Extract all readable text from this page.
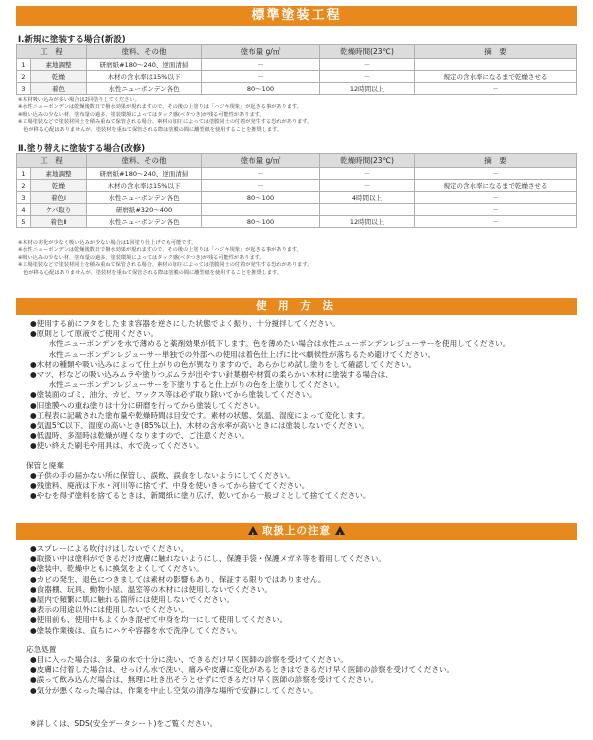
標準塗装工程
Ⅰ.新規に塗装する場合(新設)
工　程		塗料、その他	塗布量 g/㎡	乾燥時間(23℃)	摘　要
1	素地調整	研磨紙#180～240、逆面清掃	－	－	
2	乾燥	木材の含水率は15%以下	－	－	規定の含水率になるまで乾燥させる
3	着色	水性ニューボンデン各色	80～100	12時間以上	－
※木材吸い込みが多い場合は2回塗りしてください。
※水性ニューボンデンは乾燥後数日で撥水効果が現れますので、その後の上塗りは「ハジキ現象」が起きる事があります。
※吸い込みの少ない材、塗布量の過多、塗装環境によってはタック感(ベタつき)が残る可能性があります。
※工場塗装などで塗装材同士を積み重ねて保管される場合、素材の加圧によっては塗膜同士の付着が発生する恐れがあります。
　色が移る心配はありませんが、塗装材を重ねて保管される際は塗膜の間に離型紙を使用することを推奨します。
Ⅱ.塗り替えに塗装する場合(改修)
工　程		塗料、その他	塗布量 g/㎡	乾燥時間(23℃)	摘　要
1	素地調整	研磨紙#180～240、逆面清掃	－	－	－
2	乾燥	木材の含水率は15%以下	－	－	規定の含水率になるまで乾燥させる
3	着色Ⅰ	水性ニューボンデン各色	80～100	4時間以上	－
4	ケバ取り	研磨紙#320～400			－
5	着色Ⅱ	水性ニューボンデン各色	80～100	12時間以上	－
※木材の劣化が少なく吸い込みが少ない場合は1回塗り仕上げでも可能です。
※水性ニューボンデンは乾燥後数日で撥水効果が現れますので、その後の上塗りは「ハジキ現象」が起きる事があります。
※吸い込みの少ない材、塗布量の過多、塗装環境によってはタック感(ベタつき)が残る可能性があります。
※工場塗装などで塗装材同士を積み重ねて保管される場合、素材の加圧によっては塗膜同士の付着が発生する恐れがあります。
　色が移る心配はありませんが、塗装材を重ねて保管される際は塗膜の間に離型紙を使用することを推奨します。
使 用 方 法
●使用する前にフタをしたまま容器を逆さにした状態でよく振り、十分撹拌してください。
●原則として原液でご使用ください。
　水性ニューボンデンを水で薄めると薬剤効果が低下します。色を薄めたい場合は水性ニューボンデンレジューサーを使用してください。
　水性ニューボンデンレジューサー単独での外部への使用は着色仕上げに比べ劇侯性が落ちるため避けてください。
●木材の種類や吸い込みによって仕上がりの色が異なりますので、あらかじめ試し塗りをして確認してください。
●マツ、杉などの吸い込みムラや塗りつぶムラが出やすい針葉樹や材質の柔らかい木材に塗装する場合は、
　水性ニューボンデンレジューサーを下塗りすると仕上がりの色を上塗りしてください。
●塗装面のゴミ、油分、カビ、ワックス等は必ず取り除いてから塗装してください。
●旧塗膜への重ね塗りは十分に研磨を行ってから塗装してください。
●工程表に記載された塗布量や乾燥時間は目安です。素材の状態、気温、湿度によって変化します。
●気温5℃以下、湿度の高いとき(85%以上)、木材の含水率が高いときには塗装しないでください。
●低温時、多湿時は乾燥が遅くなりますので、ご注意ください。
●使い終えた刷毛や用具は、水で洗ってください。
保管と廃棄
●子供の手の届かない所に保管し、誤飲、誤食をしないようにしてください。
●残塗料、廃液は下水・河川等に捨てず、中身を使いきってから捨ててください。
●やむを得ず塗料を捨てるときは、新聞紙に塗り広げ、乾いてから一般ゴミとして捨ててください。
!取扱上の注意!
●スプレーによる吹付けはしないでください。
●取扱い中は塗料ができるだけ皮膚に触れないようにし、保護手袋・保護メガネ等を着用してください。
●塗装中、乾燥中ともに換気をよくしてください。
●カビの発生、退色につきましては素材の影響もあり、保証する限りではありません。
●食器棚、玩具、動物小屋、温室等の木材には使用しないでください。
●屋内で頻繁に肌に触れる箇所には使用しないでください。
●表示の用途以外には使用しないでください。
●使用前も、使用中もよくかき混ぜて中身を均一にして使用してください。
●塗装作業後は、直ちにハケや容器を水で洗浄してください。
応急処置
●目に入った場合は、多量の水で十分に洗い、できるだけ早く医師の診察を受けてください。
●皮膚に付着した場合は、せっけん水で洗い、痛みや皮膚に変化があるときはできるだけ早く医師の診察を受けてください。
●誤って飲み込んだ場合は、無理に吐き出そうとせずにできるだけ早く医師の診察を受けてください。
●気分が悪くなった場合は、作業を中止し空気の清浄な場所で安静にしてください。
※詳しくは、SDS(安全データシート)をご覧ください。
